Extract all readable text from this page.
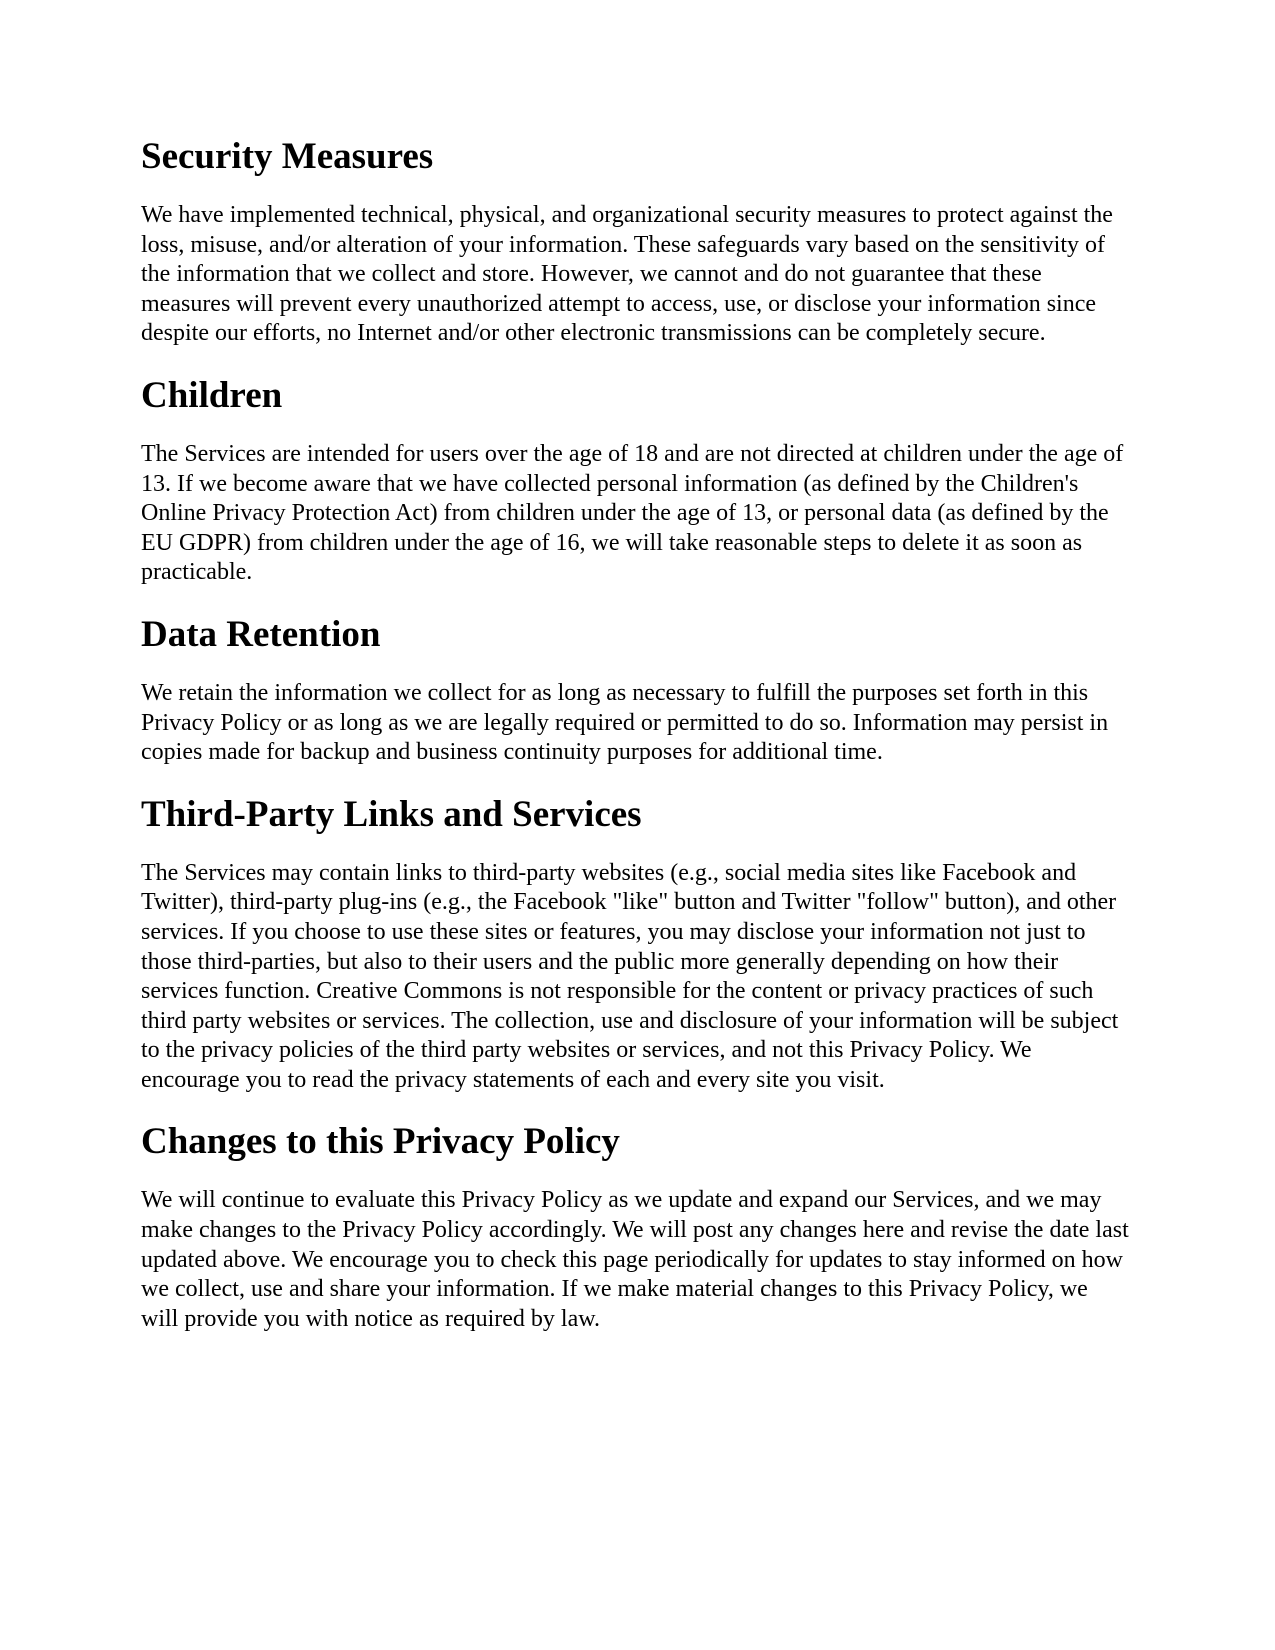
Security Measures

We have implemented technical, physical, and organizational security measures to protect against the loss, misuse, and/or alteration of your information. These safeguards vary based on the sensitivity of the information that we collect and store. However, we cannot and do not guarantee that these measures will prevent every unauthorized attempt to access, use, or disclose your information since despite our efforts, no Internet and/or other electronic transmissions can be completely secure.

Children

The Services are intended for users over the age of 18 and are not directed at children under the age of 13. If we become aware that we have collected personal information (as defined by the Children's Online Privacy Protection Act) from children under the age of 13, or personal data (as defined by the EU GDPR) from children under the age of 16, we will take reasonable steps to delete it as soon as practicable.

Data Retention

We retain the information we collect for as long as necessary to fulfill the purposes set forth in this Privacy Policy or as long as we are legally required or permitted to do so. Information may persist in copies made for backup and business continuity purposes for additional time.

Third-Party Links and Services

The Services may contain links to third-party websites (e.g., social media sites like Facebook and Twitter), third-party plug-ins (e.g., the Facebook "like" button and Twitter "follow" button), and other services. If you choose to use these sites or features, you may disclose your information not just to those third-parties, but also to their users and the public more generally depending on how their services function. Creative Commons is not responsible for the content or privacy practices of such third party websites or services. The collection, use and disclosure of your information will be subject to the privacy policies of the third party websites or services, and not this Privacy Policy. We encourage you to read the privacy statements of each and every site you visit.

Changes to this Privacy Policy

We will continue to evaluate this Privacy Policy as we update and expand our Services, and we may make changes to the Privacy Policy accordingly. We will post any changes here and revise the date last updated above. We encourage you to check this page periodically for updates to stay informed on how we collect, use and share your information. If we make material changes to this Privacy Policy, we will provide you with notice as required by law.
